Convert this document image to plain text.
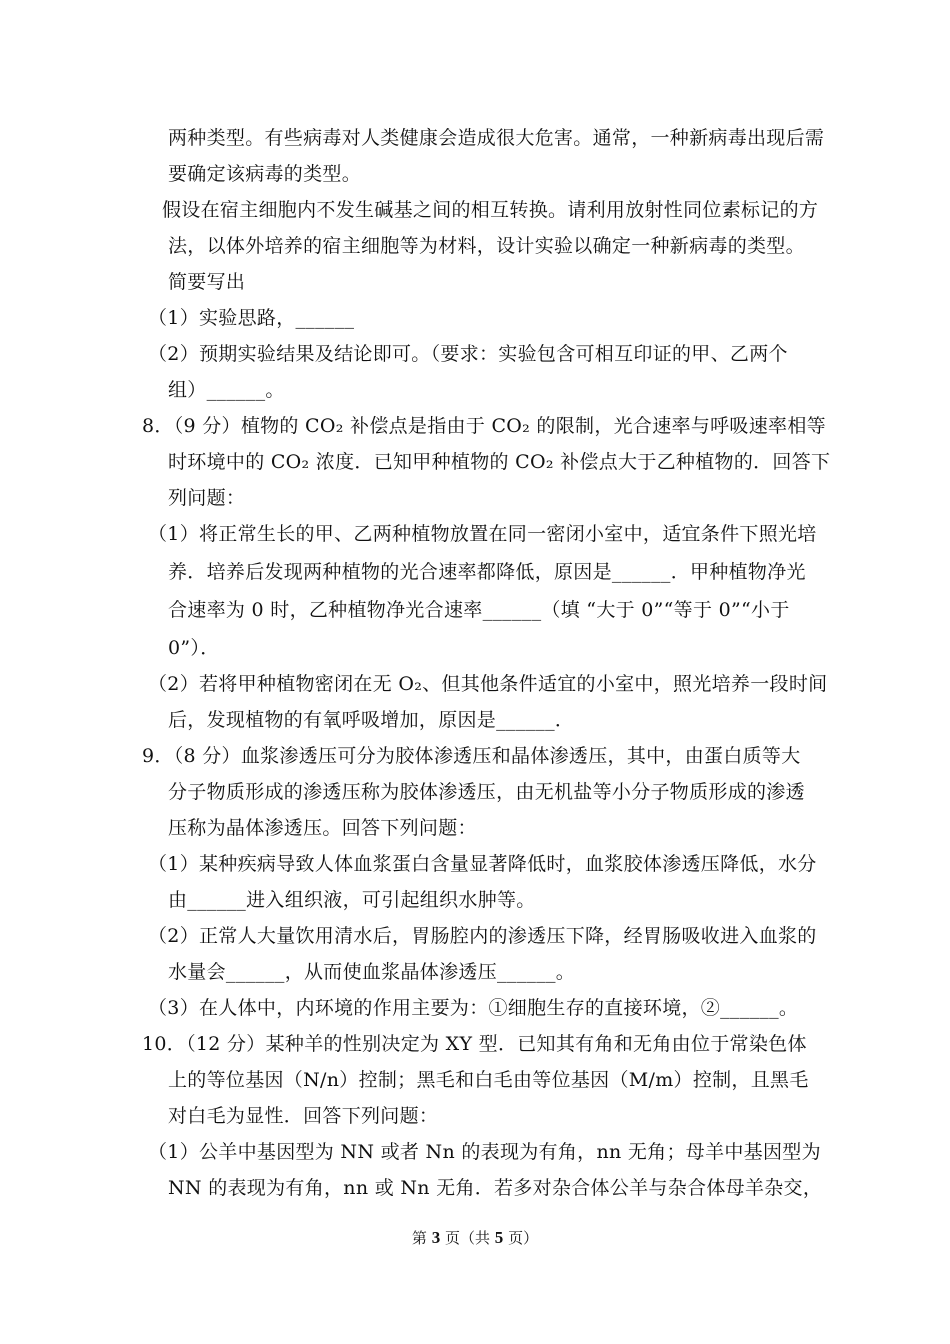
两种类型。有些病毒对人类健康会造成很大危害。通常，一种新病毒出现后需
要确定该病毒的类型。
假设在宿主细胞内不发生碱基之间的相互转换。请利用放射性同位素标记的方
法，以体外培养的宿主细胞等为材料，设计实验以确定一种新病毒的类型。
简要写出
（1）实验思路，______
（2）预期实验结果及结论即可。（要求：实验包含可相互印证的甲、乙两个
组）______。
8．（9 分）植物的 CO₂ 补偿点是指由于 CO₂ 的限制，光合速率与呼吸速率相等
时环境中的 CO₂ 浓度．已知甲种植物的 CO₂ 补偿点大于乙种植物的．回答下
列问题：
（1）将正常生长的甲、乙两种植物放置在同一密闭小室中，适宜条件下照光培
养．培养后发现两种植物的光合速率都降低，原因是______．甲种植物净光
合速率为 0 时，乙种植物净光合速率______（填 “大于 0”“等于 0”“小于
0”）．
（2）若将甲种植物密闭在无 O₂、但其他条件适宜的小室中，照光培养一段时间
后，发现植物的有氧呼吸增加，原因是______．
9．（8 分）血浆渗透压可分为胶体渗透压和晶体渗透压，其中，由蛋白质等大
分子物质形成的渗透压称为胶体渗透压，由无机盐等小分子物质形成的渗透
压称为晶体渗透压。回答下列问题：
（1）某种疾病导致人体血浆蛋白含量显著降低时，血浆胶体渗透压降低，水分
由______进入组织液，可引起组织水肿等。
（2）正常人大量饮用清水后，胃肠腔内的渗透压下降，经胃肠吸收进入血浆的
水量会______，从而使血浆晶体渗透压______。
（3）在人体中，内环境的作用主要为：①细胞生存的直接环境，②______。
10．（12 分）某种羊的性别决定为 XY 型．已知其有角和无角由位于常染色体
上的等位基因（N/n）控制；黑毛和白毛由等位基因（M/m）控制，且黑毛
对白毛为显性．回答下列问题：
（1）公羊中基因型为 NN 或者 Nn 的表现为有角，nn 无角；母羊中基因型为
NN 的表现为有角，nn 或 Nn 无角．若多对杂合体公羊与杂合体母羊杂交，
第 3 页（共 5 页）
